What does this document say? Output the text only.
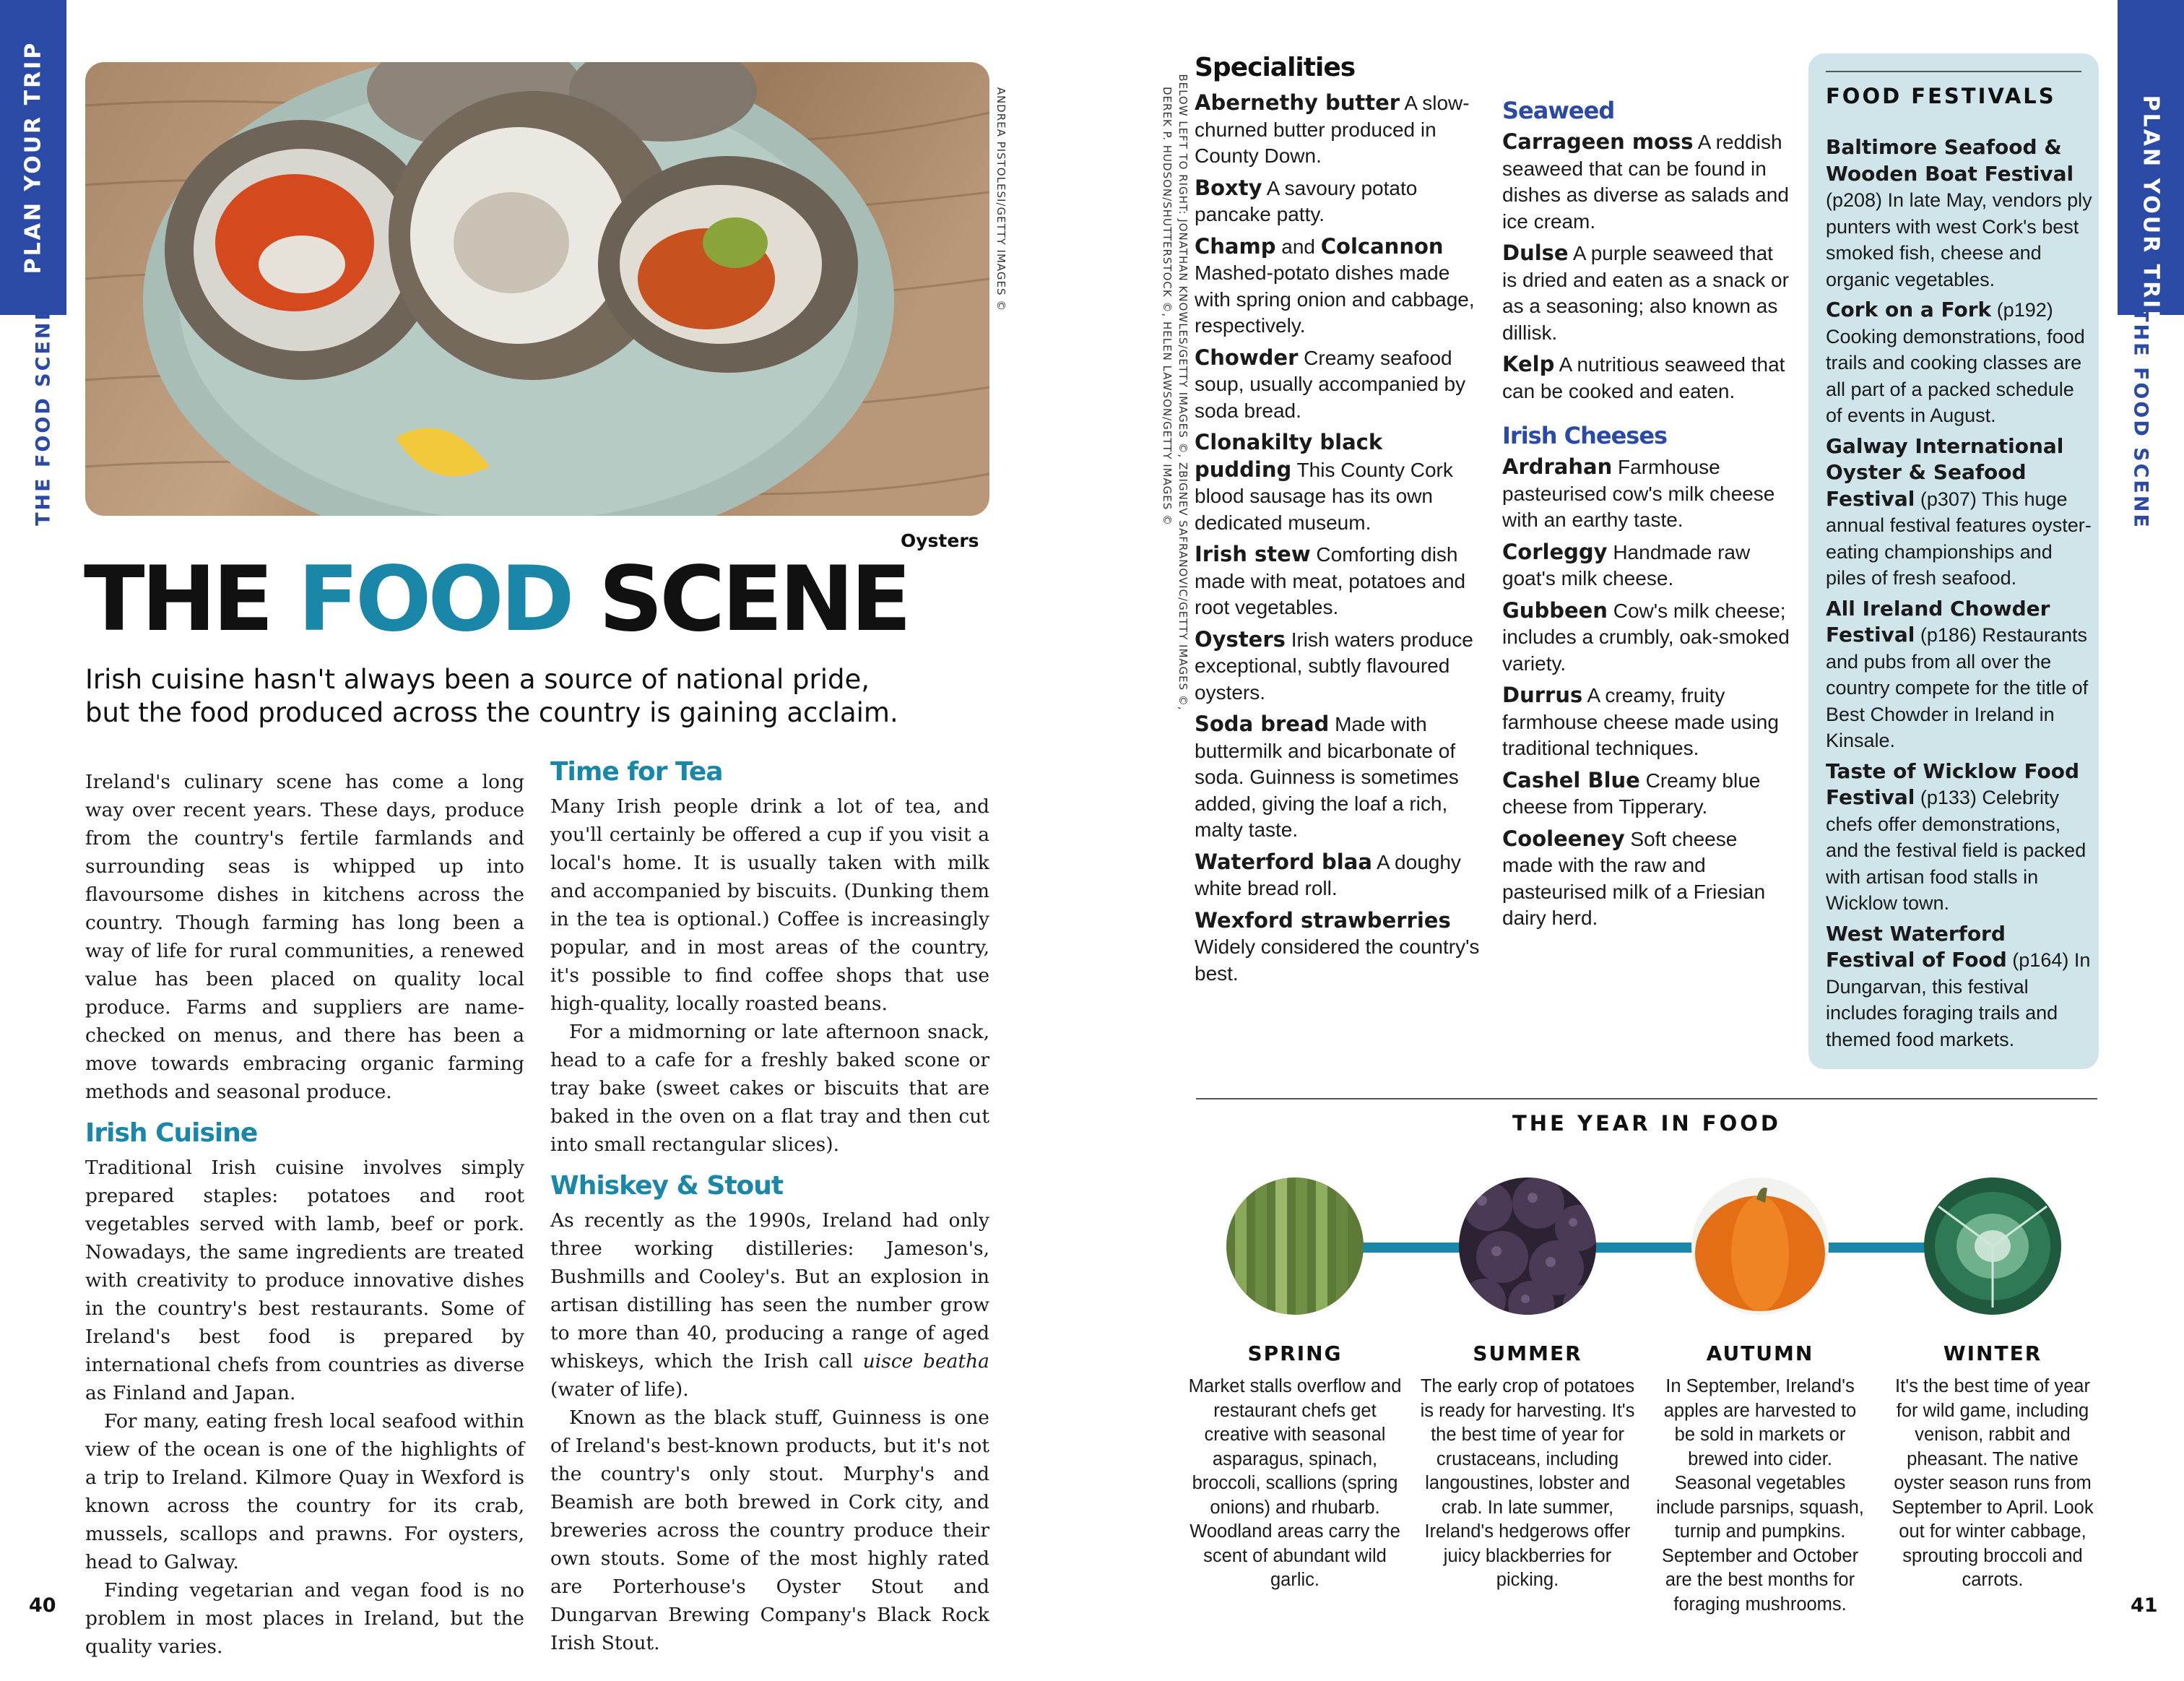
PLAN YOUR TRIP
THE FOOD SCENE
PLAN YOUR TRIP
THE FOOD SCENE
ANDREA PISTOLESI/GETTY IMAGES ©
Oysters
THE FOOD SCENE
Irish cuisine hasn't always been a source of national pride, but the food produced across the country is gaining acclaim.

Ireland's culinary scene has come a long way over recent years. These days, produce from the country's fertile farmlands and surrounding seas is whipped up into flavoursome dishes in kitchens across the country. Though farming has long been a way of life for rural communities, a renewed value has been placed on quality local produce. Farms and suppliers are name-checked on menus, and there has been a move towards embracing organic farming methods and seasonal produce.

Irish Cuisine

Traditional Irish cuisine involves simply prepared staples: potatoes and root vegetables served with lamb, beef or pork. Nowadays, the same ingredients are treated with creativity to produce innovative dishes in the country's best restaurants. Some of Ireland's best food is prepared by international chefs from countries as diverse as Finland and Japan.

For many, eating fresh local seafood within view of the ocean is one of the highlights of a trip to Ireland. Kilmore Quay in Wexford is known across the country for its crab, mussels, scallops and prawns. For oysters, head to Galway.

Finding vegetarian and vegan food is no problem in most places in Ireland, but the quality varies.

Time for Tea

Many Irish people drink a lot of tea, and you'll certainly be offered a cup if you visit a local's home. It is usually taken with milk and accompanied by biscuits. (Dunking them in the tea is optional.) Coffee is increasingly popular, and in most areas of the country, it's possible to find coffee shops that use high-quality, locally roasted beans.

For a midmorning or late afternoon snack, head to a cafe for a freshly baked scone or tray bake (sweet cakes or biscuits that are baked in the oven on a flat tray and then cut into small rectangular slices).

Whiskey & Stout

As recently as the 1990s, Ireland had only three working distilleries: Jameson's, Bushmills and Cooley's. But an explosion in artisan distilling has seen the number grow to more than 40, producing a range of aged whiskeys, which the Irish call uisce beatha (water of life).

Known as the black stuff, Guinness is one of Ireland's best-known products, but it's not the country's only stout. Murphy's and Beamish are both brewed in Cork city, and breweries across the country produce their own stouts. Some of the most highly rated are Porterhouse's Oyster Stout and Dungarvan Brewing Company's Black Rock Irish Stout.

BELOW LEFT TO RIGHT: JONATHAN KNOWLES/GETTY IMAGES ©, ZBIGNEV SAFRANOVIC/GETTY IMAGES ©,
DEREK P. HUDSON/SHUTTERSTOCK ©, HELEN LAWSON/GETTY IMAGES ©
Specialities

Abernethy butter A slow-churned butter produced in County Down.

Boxty A savoury potato pancake patty.

Champ and Colcannon Mashed-potato dishes made with spring onion and cabbage, respectively.

Chowder Creamy seafood soup, usually accompanied by soda bread.

Clonakilty black pudding This County Cork blood sausage has its own dedicated museum.

Irish stew Comforting dish made with meat, potatoes and root vegetables.

Oysters Irish waters produce exceptional, subtly flavoured oysters.

Soda bread Made with buttermilk and bicarbonate of soda. Guinness is sometimes added, giving the loaf a rich, malty taste.

Waterford blaa A doughy white bread roll.

Wexford strawberries Widely considered the country's best.

Seaweed

Carrageen moss A reddish seaweed that can be found in dishes as diverse as salads and ice cream.

Dulse A purple seaweed that is dried and eaten as a snack or as a seasoning; also known as dillisk.

Kelp A nutritious seaweed that can be cooked and eaten.

Irish Cheeses

Ardrahan Farmhouse pasteurised cow's milk cheese with an earthy taste.

Corleggy Handmade raw goat's milk cheese.

Gubbeen Cow's milk cheese; includes a crumbly, oak-smoked variety.

Durrus A creamy, fruity farmhouse cheese made using traditional techniques.

Cashel Blue Creamy blue cheese from Tipperary.

Cooleeney Soft cheese made with the raw and pasteurised milk of a Friesian dairy herd.

FOOD FESTIVALS

Baltimore Seafood & Wooden Boat Festival (p208) In late May, vendors ply punters with west Cork's best smoked fish, cheese and organic vegetables.

Cork on a Fork (p192) Cooking demonstrations, food trails and cooking classes are all part of a packed schedule of events in August.

Galway International Oyster & Seafood Festival (p307) This huge annual festival features oyster-eating championships and piles of fresh seafood.

All Ireland Chowder Festival (p186) Restaurants and pubs from all over the country compete for the title of Best Chowder in Ireland in Kinsale.

Taste of Wicklow Food Festival (p133) Celebrity chefs offer demonstrations, and the festival field is packed with artisan food stalls in Wicklow town.

West Waterford Festival of Food (p164) In Dungarvan, this festival includes foraging trails and themed food markets.

THE YEAR IN FOOD
SPRING	SUMMER	AUTUMN	WINTER
Market stalls overflow and restaurant chefs get creative with seasonal asparagus, spinach, broccoli, scallions (spring onions) and rhubarb. Woodland areas carry the scent of abundant wild garlic.
The early crop of potatoes is ready for harvesting. It's the best time of year for crustaceans, including langoustines, lobster and crab. In late summer, Ireland's hedgerows offer juicy blackberries for picking.
In September, Ireland's apples are harvested to be sold in markets or brewed into cider. Seasonal vegetables include parsnips, squash, turnip and pumpkins. September and October are the best months for foraging mushrooms.
It's the best time of year for wild game, including venison, rabbit and pheasant. The native oyster season runs from September to April. Look out for winter cabbage, sprouting broccoli and carrots.
40	41
